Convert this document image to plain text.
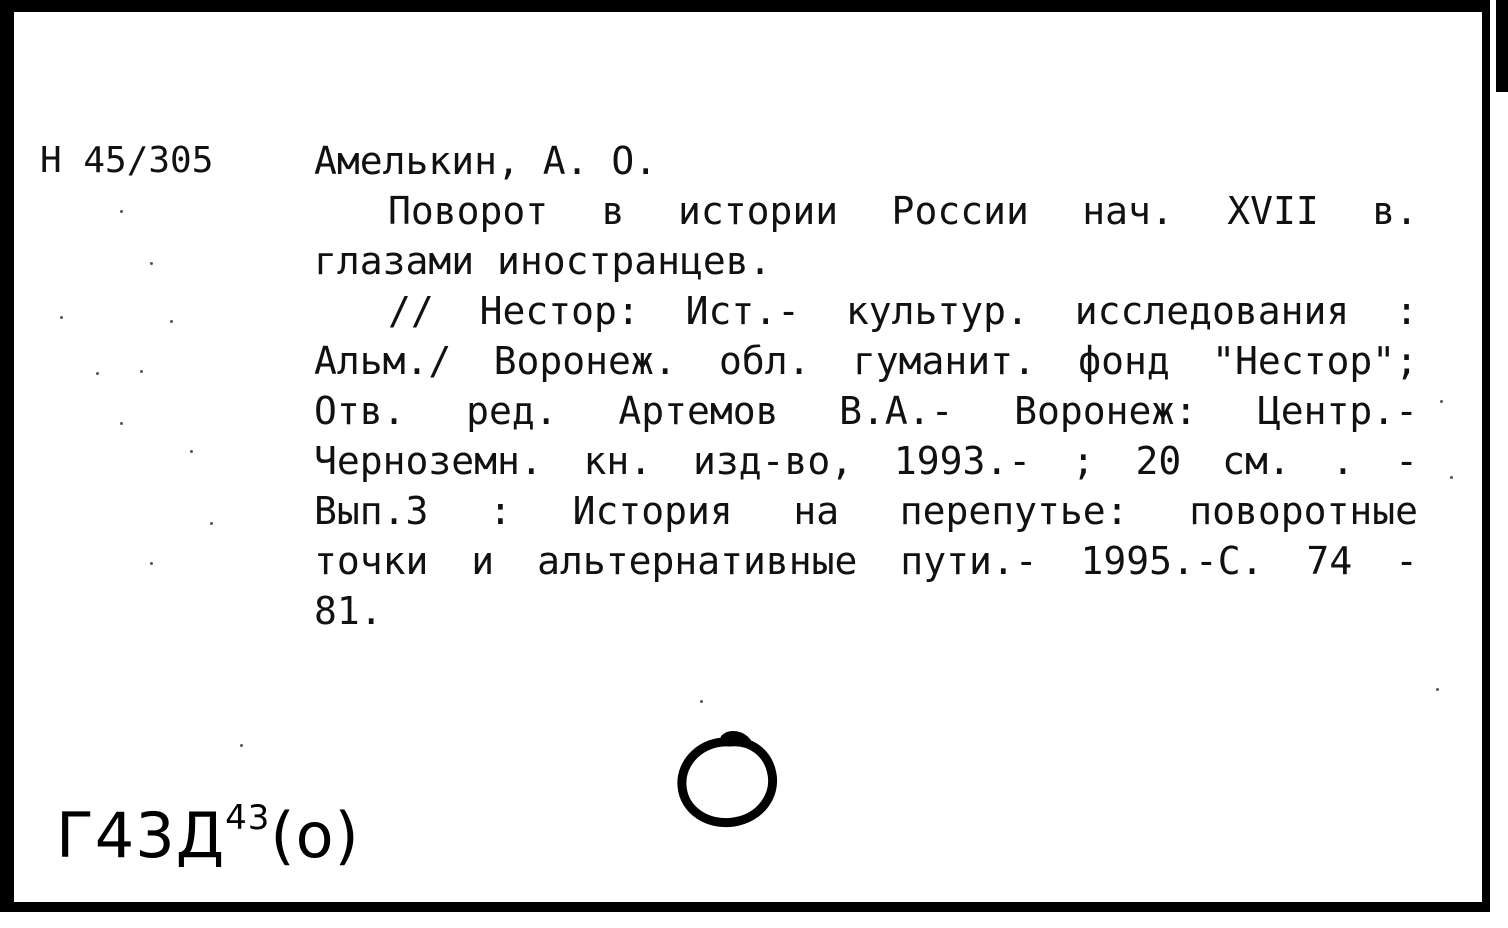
Н 45/305	Амелькин, А. О.
Поворот в истории России нач. XVII в.
глазами иностранцев.
// Нестор: Ист.- культур. исследования :
Альм./ Воронеж. обл. гуманит. фонд "Нестор";
Отв. ред. Артемов В.А.- Воронеж: Центр.-
Черноземн. кн. изд-во, 1993.- ; 20 см. . -
Вып.3 : История на перепутье: поворотные
точки и альтернативные пути.- 1995.-С. 74 -
81.
$Г43Д^{43}(o)$
